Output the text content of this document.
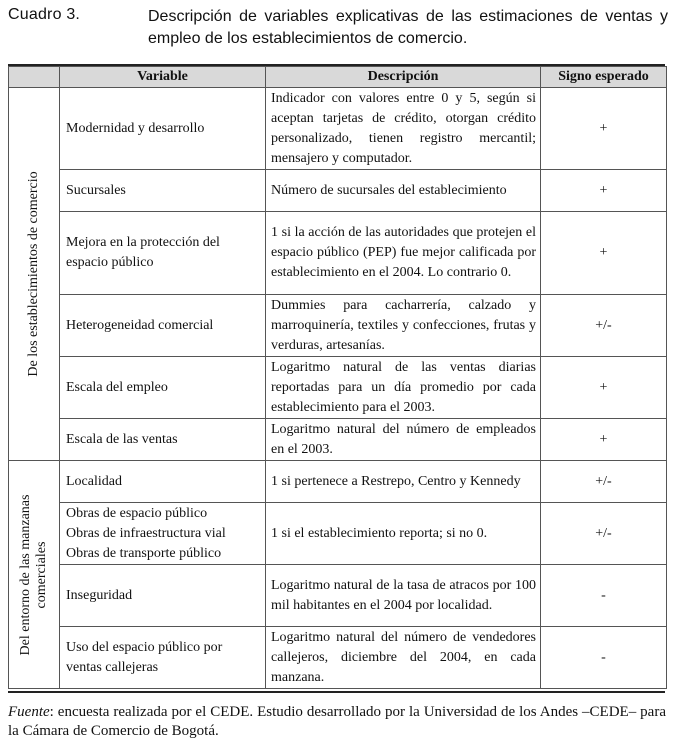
Cuadro 3.	Descripción de variables explicativas de las estimaciones de ventas y empleo de los establecimientos de comercio.
	Variable	Descripción	Signo esperado

De los establecimientos de comercio	Modernidad y desarrollo	Indicador con valores entre 0 y 5, según si aceptan tarjetas de crédito, otorgan crédito personalizado, tienen registro mercantil; mensajero y computador.	+
	Sucursales	Número de sucursales del establecimiento	+
	Mejora en la protección del espacio público	1 si la acción de las autoridades que protejen el espacio público (PEP) fue mejor calificada por establecimiento en el 2004. Lo contrario 0.	+
	Heterogeneidad comercial	Dummies para cacharrería, calzado y marroquinería, textiles y confecciones, frutas y verduras, artesanías.	+/-
	Escala del empleo	Logaritmo natural de las ventas diarias reportadas para un día promedio por cada establecimiento para el 2003.	+
	Escala de las ventas	Logaritmo natural del número de empleados en el 2003.	+

Del entorno de las manzanas comerciales	Localidad	1 si pertenece a Restrepo, Centro y Kennedy	+/-
	Obras de espacio público
Obras de infraestructura vial
Obras de transporte público	1 si el establecimiento reporta; si no 0.	+/-
	Inseguridad	Logaritmo natural de la tasa de atracos por 100 mil habitantes en el 2004 por localidad.	-
	Uso del espacio público por ventas callejeras	Logaritmo natural del número de vendedores callejeros, diciembre del 2004, en cada manzana.	-
Fuente: encuesta realizada por el CEDE. Estudio desarrollado por la Universidad de los Andes –CEDE– para la Cámara de Comercio de Bogotá.
